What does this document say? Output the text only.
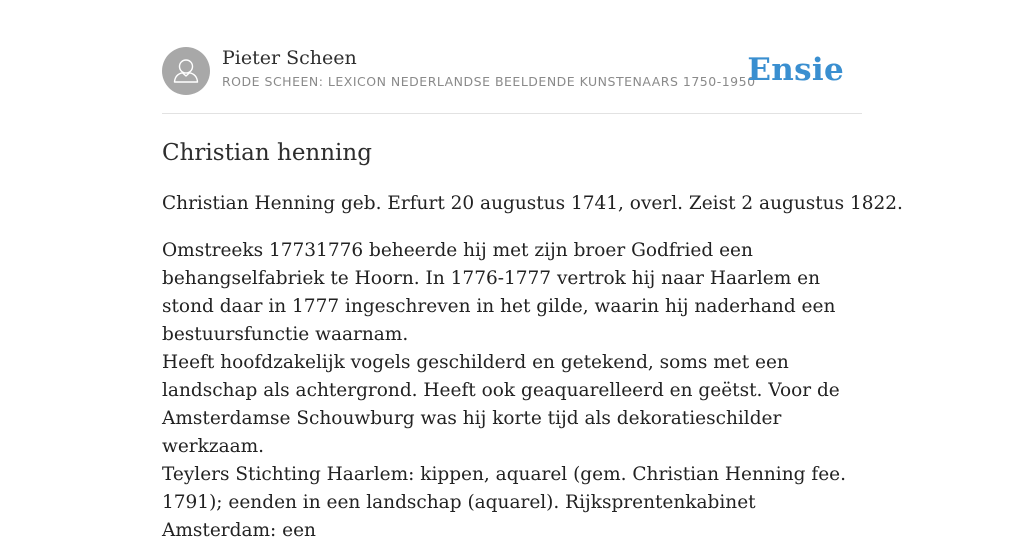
Pieter Scheen
RODE SCHEEN: LEXICON NEDERLANDSE BEELDENDE KUNSTENAARS 1750-1950
Ensie
Christian henning

Christian Henning geb. Erfurt 20 augustus 1741, overl. Zeist 2 augustus 1822.

Omstreeks 17731776 beheerde hij met zijn broer Godfried een behangselfabriek te Hoorn. In 1776-1777 vertrok hij naar Haarlem en stond daar in 1777 ingeschreven in het gilde, waarin hij naderhand een bestuursfunctie waarnam.

Heeft hoofdzakelijk vogels geschilderd en getekend, soms met een landschap als achtergrond. Heeft ook geaquarelleerd en geëtst. Voor de Amsterdamse Schouwburg was hij korte tijd als dekoratieschilder werkzaam.

Teylers Stichting Haarlem: kippen, aquarel (gem. Christian Henning fee. 1791); eenden in een landschap (aquarel). Rijksprentenkabinet Amsterdam: een
